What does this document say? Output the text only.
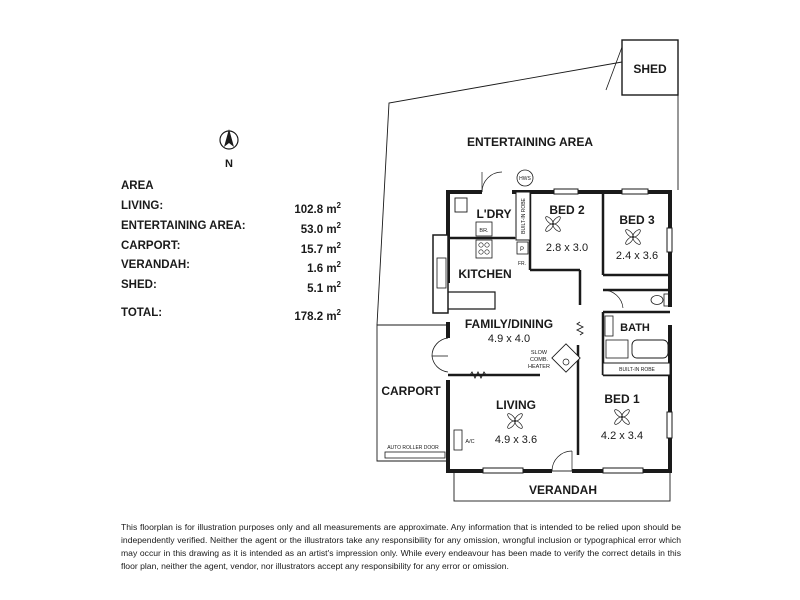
N
SHED
ENTERTAINING AREA
AUTO ROLLER DOOR
CARPORT
VERANDAH
BUILT-IN ROBE
BR.
P
FR.
HWS
BUILT-IN ROBE
SLOW
COMB.
HEATER
A/C
L'DRY	BED 2
2.8 x 3.0
BED 3
2.4 x 3.6
KITCHEN
FAMILY/DINING
4.9 x 4.0
BATH
LIVING
4.9 x 3.6
BED 1
4.2 x 3.4
AREA
LIVING:	102.8 $m^2$
ENTERTAINING AREA:	53.0 $m^2$
CARPORT:	15.7 $m^2$
VERANDAH:	1.6 $m^2$
SHED:	5.1 $m^2$
TOTAL:	178.2 $m^2$
This floorplan is for illustration purposes only and all measurements are approximate. Any information that is intended to be relied upon should be independently verified. Neither the agent or the illustrators take any responsibility for any omission, wrongful inclusion or typographical error which may occur in this drawing as it is intended as an artist's impression only. While every endeavour has been made to verify the correct details in this floor plan, neither the agent, vendor, nor illustrators accept any responsibility for any error or omission.
